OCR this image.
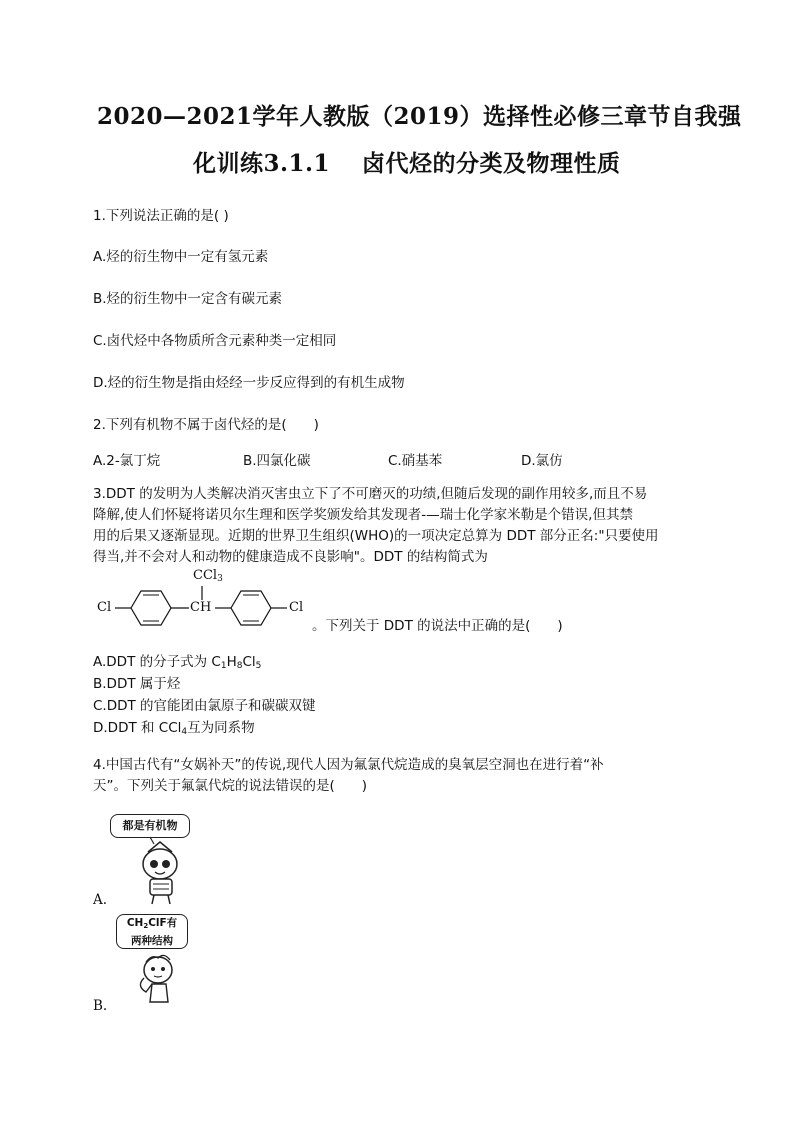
2020—2021学年人教版（2019）选择性必修三章节自我强
化训练3.1.1　 卤代烃的分类及物理性质
1.下列说法正确的是( )
A.烃的衍生物中一定有氢元素
B.烃的衍生物中一定含有碳元素
C.卤代烃中各物质所含元素种类一定相同
D.烃的衍生物是指由烃经一步反应得到的有机生成物
2.下列有机物不属于卤代烃的是(　　)
A.2-氯丁烷	B.四氯化碳	C.硝基苯	D.氯仿
3.DDT 的发明为人类解决消灭害虫立下了不可磨灭的功绩,但随后发现的副作用较多,而且不易
降解,使人们怀疑将诺贝尔生理和医学奖颁发给其发现者-—瑞士化学家米勒是个错误,但其禁
用的后果又逐渐显现。近期的世界卫生组织(WHO)的一项决定总算为 DDT 部分正名:"只要使用
得当,并不会对人和动物的健康造成不良影响"。DDT 的结构简式为
CCl$_3$
CH
Cl	Cl
。下列关于 DDT 的说法中正确的是(　　)
A.DDT 的分子式为 $C_1H_8Cl_5$
B.DDT 属于烃
C.DDT 的官能团由氯原子和碳碳双键
D.DDT 和 CCl$_4$互为同系物
4.中国古代有“女娲补天”的传说,现代人因为氟氯代烷造成的臭氧层空洞也在进行着“补
天”。下列关于氟氯代烷的说法错误的是(　　)
都是有机物
A.
$CH_2ClF$有
两种结构
B.
